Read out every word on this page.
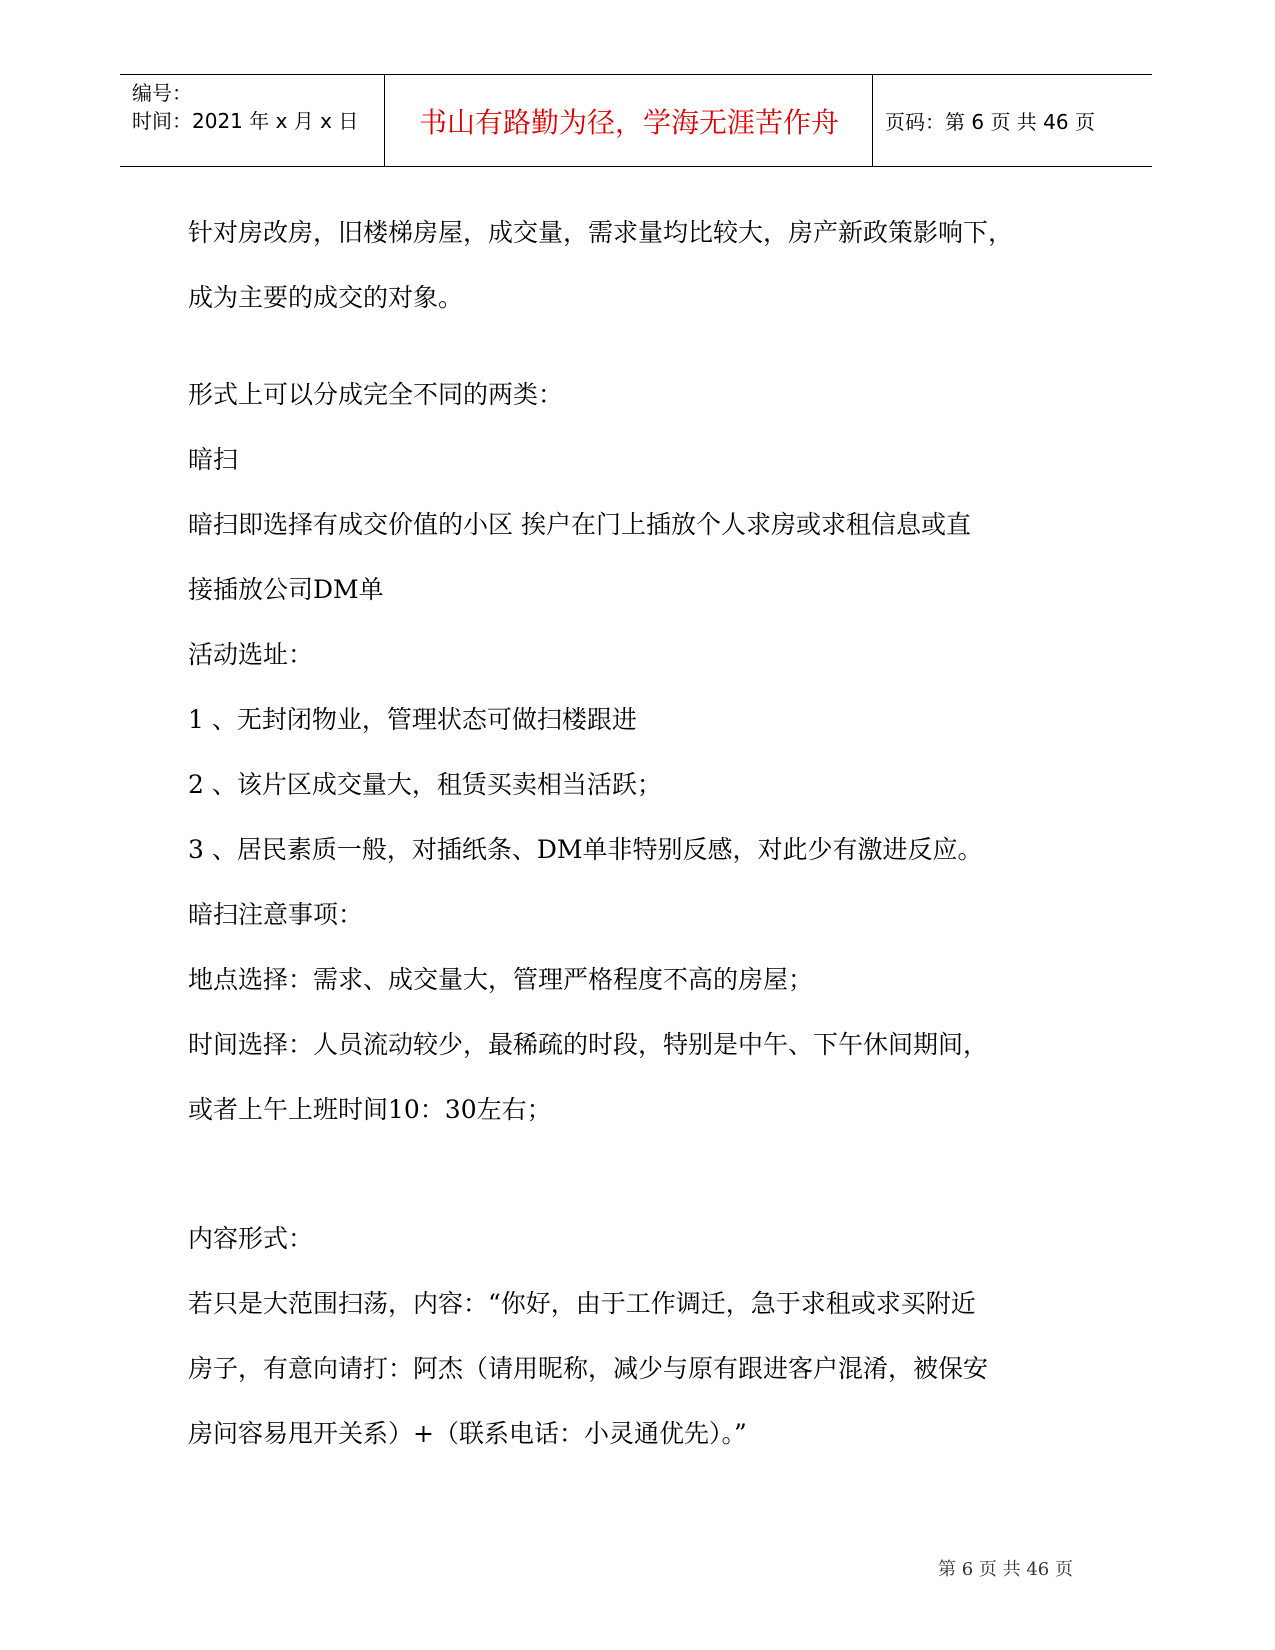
编号：
时间：2021 年 x 月 x 日	书山有路勤为径，学海无涯苦作舟	页码：第 6 页 共 46 页
针对房改房，旧楼梯房屋，成交量，需求量均比较大，房产新政策影响下，
成为主要的成交的对象。
形式上可以分成完全不同的两类：
暗扫
暗扫即选择有成交价值的小区 挨户在门上插放个人求房或求租信息或直
接插放公司DM单
活动选址：
1 、无封闭物业，管理状态可做扫楼跟进
2 、该片区成交量大，租赁买卖相当活跃；
3 、居民素质一般，对插纸条、DM单非特别反感，对此少有激进反应。
暗扫注意事项：
地点选择：需求、成交量大，管理严格程度不高的房屋；
时间选择：人员流动较少，最稀疏的时段，特别是中午、下午休间期间，
或者上午上班时间10：30左右；
内容形式：
若只是大范围扫荡，内容：“你好，由于工作调迁，急于求租或求买附近
房子，有意向请打：阿杰（请用昵称，减少与原有跟进客户混淆，被保安
房问容易甩开关系）+（联系电话：小灵通优先）。”
第 6 页 共 46 页
